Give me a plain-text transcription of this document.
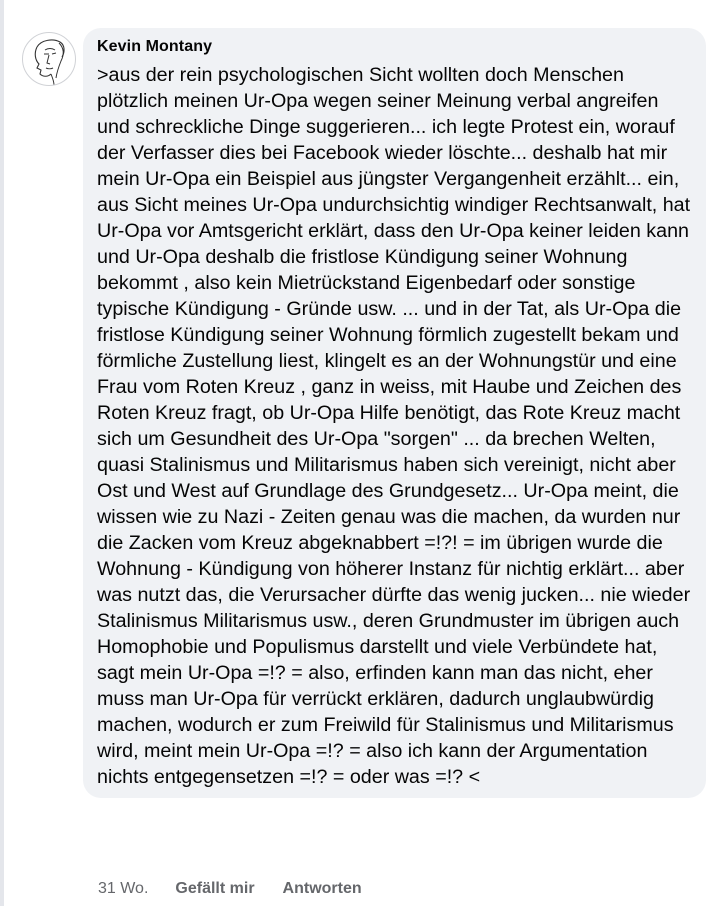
Kevin Montany
>aus der rein psychologischen Sicht wollten doch Menschen plötzlich meinen Ur-Opa wegen seiner Meinung verbal angreifen und schreckliche Dinge suggerieren... ich legte Protest ein, worauf der Verfasser dies bei Facebook wieder löschte... deshalb hat mir mein Ur-Opa ein Beispiel aus jüngster Vergangenheit erzählt... ein, aus Sicht meines Ur-Opa undurchsichtig windiger Rechtsanwalt, hat Ur-Opa vor Amtsgericht erklärt, dass den Ur-Opa keiner leiden kann und Ur-Opa deshalb die fristlose Kündigung seiner Wohnung bekommt , also kein Mietrückstand Eigenbedarf oder sonstige typische Kündigung - Gründe usw. ... und in der Tat, als Ur-Opa die fristlose Kündigung seiner Wohnung förmlich zugestellt bekam und förmliche Zustellung liest, klingelt es an der Wohnungstür und eine Frau vom Roten Kreuz , ganz in weiss, mit Haube und Zeichen des Roten Kreuz fragt, ob Ur-Opa Hilfe benötigt, das Rote Kreuz macht sich um Gesundheit des Ur-Opa "sorgen" ... da brechen Welten, quasi Stalinismus und Militarismus haben sich vereinigt, nicht aber Ost und West auf Grundlage des Grundgesetz... Ur-Opa meint, die wissen wie zu Nazi - Zeiten genau was die machen, da wurden nur die Zacken vom Kreuz abgeknabbert =!?! = im übrigen wurde die Wohnung - Kündigung von höherer Instanz für nichtig erklärt... aber was nutzt das, die Verursacher dürfte das wenig jucken... nie wieder Stalinismus Militarismus usw., deren Grundmuster im übrigen auch Homophobie und Populismus darstellt und viele Verbündete hat, sagt mein Ur-Opa =!? = also, erfinden kann man das nicht, eher muss man Ur-Opa für verrückt erklären, dadurch unglaubwürdig machen, wodurch er zum Freiwild für Stalinismus und Militarismus wird, meint mein Ur-Opa =!? = also ich kann der Argumentation nichts entgegensetzen =!? = oder was =!? <
31 Wo. Gefällt mir Antworten
